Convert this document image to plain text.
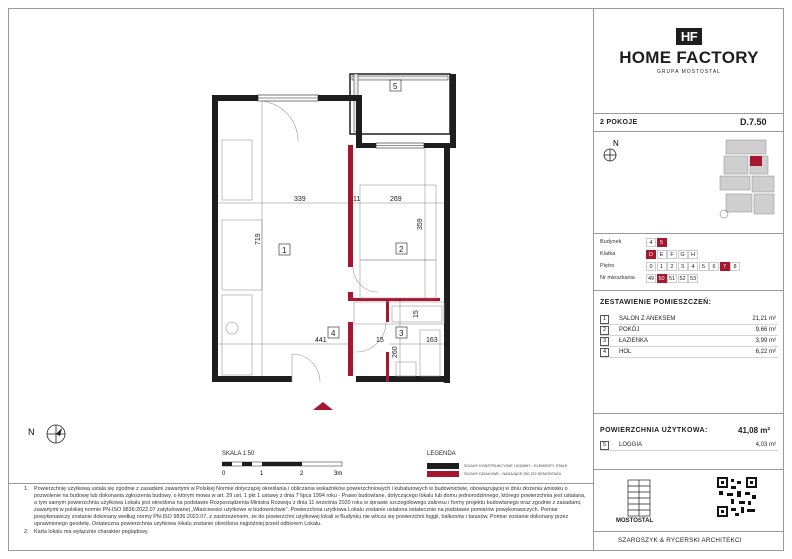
HF
HOME FACTORY
GRUPA MOSTOSTAL
2 POKOJE	D.7.50
N
Budynek	4	5
Klatka	D	E	F	G	H
Piętro	0	1	2	3	4	5	6	7	8
Nr mieszkania	49 50 51 52 53
ZESTAWIENIE POMIESZCZEŃ:
1	SALON Z ANEKSEM	21,21 m²
2	POKÓJ	9,66 m²
3	ŁAZIENKA	3,99 m²
4	HOL	6,22 m²
POWIERZCHNIA UŻYTKOWA:	41,08 m²
5	LOGGIA	4,03 m²
MOSTOSTAL
SZAROSZYK & RYCERSKI ARCHITEKCI
339	11	269
719
359
441	15	163
15
260
1	2
3
4
5
N
SKALA 1:50
0	1	2	3m
LEGENDA
ŚCIANY KONSTRUKCYJNE I KOMINY - ELEMENTY STAŁE
ŚCIANY DZIAŁOWE - NADAJĄCE SIĘ DO DEMONTAŻU

1. Powierzchnię użytkową ustala się zgodnie z zasadami zawartymi w Polskiej Normie dotyczącej określania i obliczania wskaźników powierzchniowych i kubaturowych w budownictwie, obowiązującej w dniu złożenia wniosku o pozwolenie na budowę lub dokonania zgłoszenia budowy, o którym mowa w art. 29 ust. 1 pkt 1 ustawy z dnia 7 lipca 1994 roku - Prawo budowlane, dotyczącego lokalu lub domu jednorodzinnego, którego powierzchnia jest ustalana, a tym samym powierzchnia użytkowa Lokalu jest określona na podstawie Rozporządzenia Ministra Rozwoju z dnia 11 września 2020 roku w sprawie szczegółowego zakresu i formy projektu budowlanego oraz zgodnie z zasadami, zawartymi w polskiej normie PN-ISO 9836:2022.07 zatytułowanej „Właściwości użytkowe w budownictwie”. Powierzchnia użytkowa Lokalu zostanie ustalona ostatecznie na podstawie pomiarów powykonawczych. Pomiar powykonawczy zostanie dokonany według normy PN-ISO 9836:2022.07, z zastrzeżeniem, że do powierzchni użytkowej lokali w Budynku nie wlicza się powierzchni loggii, balkonów i tarasów. Pomiar zostanie dokonany przez uprawnionego geodetę. Ostateczna powierzchnia użytkowa lokalu zostanie określona najpóźniej przed odbiorem Lokalu.

2. Karta lokalu ma wyłącznie charakter poglądowy.
